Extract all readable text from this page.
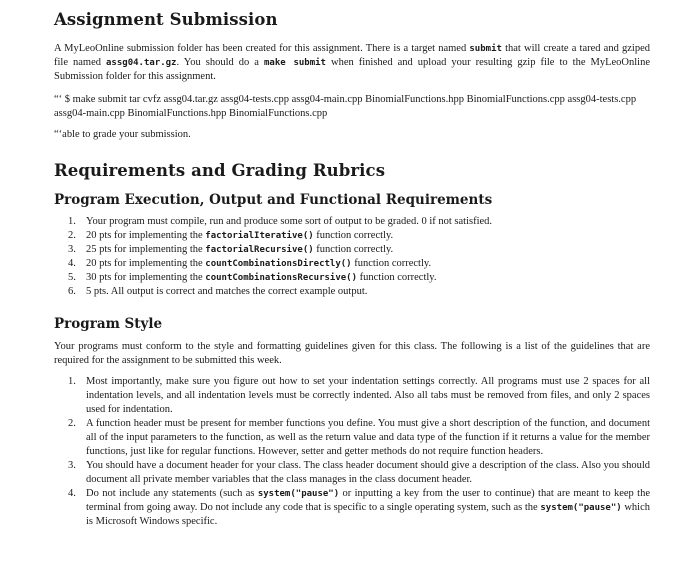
Assignment Submission

A MyLeoOnline submission folder has been created for this assignment. There is a target named submit that will create a tared and gziped file named assg04.tar.gz. You should do a make submit when finished and upload your resulting gzip file to the MyLeoOnline Submission folder for this assignment.

“‘ $ make submit tar cvfz assg04.tar.gz assg04-tests.cpp assg04-main.cpp BinomialFunctions.hpp BinomialFunctions.cpp assg04-tests.cpp assg04-main.cpp BinomialFunctions.hpp BinomialFunctions.cpp

“‘able to grade your submission.

Requirements and Grading Rubrics
Program Execution, Output and Functional Requirements
1. Your program must compile, run and produce some sort of output to be graded. 0 if not satisfied.
2. 20 pts for implementing the factorialIterative() function correctly.
3. 25 pts for implementing the factorialRecursive() function correctly.
4. 20 pts for implementing the countCombinationsDirectly() function correctly.
5. 30 pts for implementing the countCombinationsRecursive() function correctly.
6. 5 pts. All output is correct and matches the correct example output.
Program Style

Your programs must conform to the style and formatting guidelines given for this class. The following is a list of the guidelines that are required for the assignment to be submitted this week.

1. Most importantly, make sure you figure out how to set your indentation settings correctly. All programs must use 2 spaces for all indentation levels, and all indentation levels must be correctly indented. Also all tabs must be removed from files, and only 2 spaces used for indentation.
2. A function header must be present for member functions you define. You must give a short description of the function, and document all of the input parameters to the function, as well as the return value and data type of the function if it returns a value for the member functions, just like for regular functions. However, setter and getter methods do not require function headers.
3. You should have a document header for your class. The class header document should give a description of the class. Also you should document all private member variables that the class manages in the class document header.
4. Do not include any statements (such as system("pause") or inputting a key from the user to continue) that are meant to keep the terminal from going away. Do not include any code that is specific to a single operating system, such as the system("pause") which is Microsoft Windows specific.
